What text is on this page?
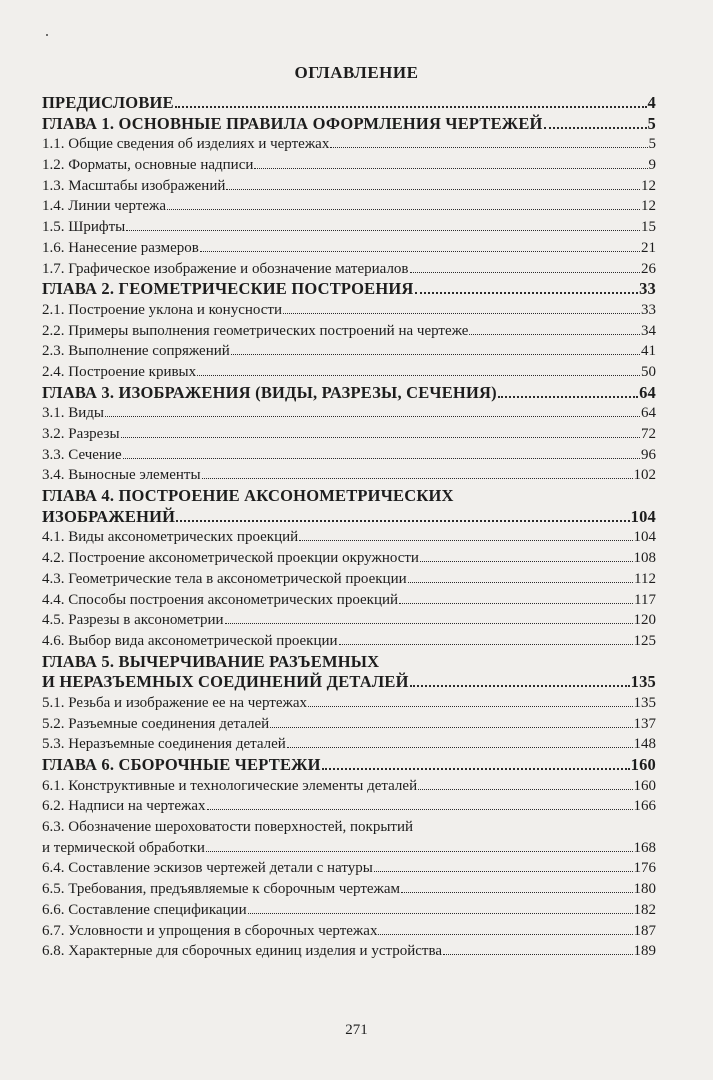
ОГЛАВЛЕНИЕ
ПРЕДИСЛОВИЕ	4
ГЛАВА 1. ОСНОВНЫЕ ПРАВИЛА ОФОРМЛЕНИЯ ЧЕРТЕЖЕЙ	5
1.1. Общие сведения об изделиях и чертежах	5
1.2. Форматы, основные надписи	9
1.3. Масштабы изображений	12
1.4. Линии чертежа	12
1.5. Шрифты	15
1.6. Нанесение размеров	21
1.7. Графическое изображение и обозначение материалов	26
ГЛАВА 2. ГЕОМЕТРИЧЕСКИЕ ПОСТРОЕНИЯ	33
2.1. Построение уклона и конусности	33
2.2. Примеры выполнения геометрических построений на чертеже	34
2.3. Выполнение сопряжений	41
2.4. Построение кривых	50
ГЛАВА 3. ИЗОБРАЖЕНИЯ (ВИДЫ, РАЗРЕЗЫ, СЕЧЕНИЯ)	64
3.1. Виды	64
3.2. Разрезы	72
3.3. Сечение	96
3.4. Выносные элементы	102
ГЛАВА 4. ПОСТРОЕНИЕ АКСОНОМЕТРИЧЕСКИХ
ИЗОБРАЖЕНИЙ	104
4.1. Виды аксонометрических проекций	104
4.2. Построение аксонометрической проекции окружности	108
4.3. Геометрические тела в аксонометрической проекции	112
4.4. Способы построения аксонометрических проекций	117
4.5. Разрезы в аксонометрии	120
4.6. Выбор вида аксонометрической проекции	125
ГЛАВА 5. ВЫЧЕРЧИВАНИЕ РАЗЪЕМНЫХ
И НЕРАЗЪЕМНЫХ СОЕДИНЕНИЙ ДЕТАЛЕЙ	135
5.1. Резьба и изображение ее на чертежах	135
5.2. Разъемные соединения деталей	137
5.3. Неразъемные соединения деталей	148
ГЛАВА 6. СБОРОЧНЫЕ ЧЕРТЕЖИ	160
6.1. Конструктивные и технологические элементы деталей	160
6.2. Надписи на чертежах	166
6.3. Обозначение шероховатости поверхностей, покрытий
и термической обработки	168
6.4. Составление эскизов чертежей детали с натуры	176
6.5. Требования, предъявляемые к сборочным чертежам	180
6.6. Составление спецификации	182
6.7. Условности и упрощения в сборочных чертежах	187
6.8. Характерные для сборочных единиц изделия и устройства	189
271
